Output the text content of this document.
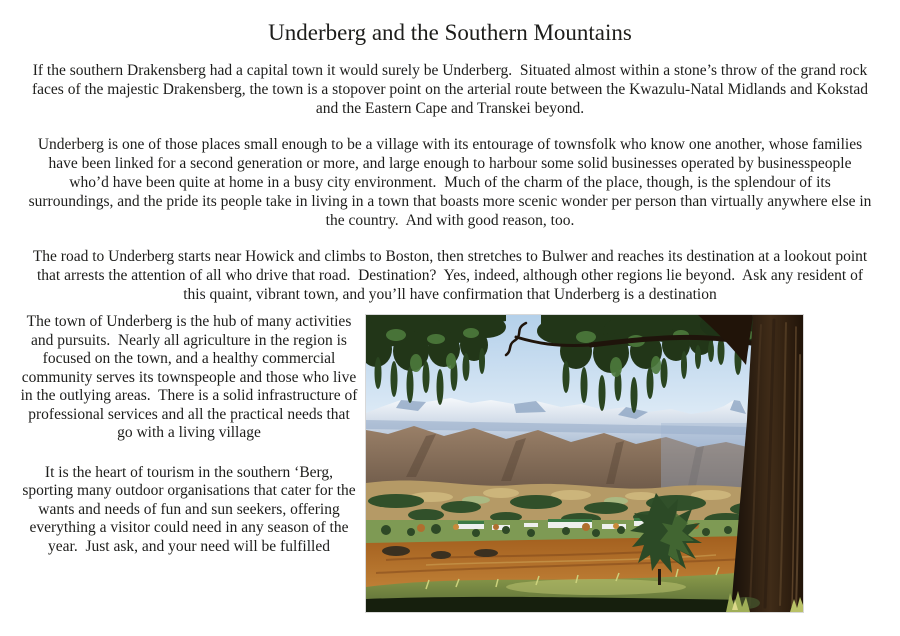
Underberg and the Southern Mountains

If the southern Drakensberg had a capital town it would surely be Underberg.  Situated almost within a stone’s throw of the grand rock faces of the majestic Drakensberg, the town is a stopover point on the arterial route between the Kwazulu-Natal Midlands and Kokstad and the Eastern Cape and Transkei beyond.

Underberg is one of those places small enough to be a village with its entourage of townsfolk who know one another, whose families have been linked for a second generation or more, and large enough to harbour some solid businesses operated by businesspeople who’d have been quite at home in a busy city environment.  Much of the charm of the place, though, is the splendour of its surroundings, and the pride its people take in living in a town that boasts more scenic wonder per person than virtually anywhere else in the country.  And with good reason, too.

The road to Underberg starts near Howick and climbs to Boston, then stretches to Bulwer and reaches its destination at a lookout point that arrests the attention of all who drive that road.  Destination?  Yes, indeed, although other regions lie beyond.  Ask any resident of this quaint, vibrant town, and you’ll have confirmation that Underberg is a destination

The town of Underberg is the hub of many activities and pursuits.  Nearly all agriculture in the region is focused on the town, and a healthy commercial community serves its townspeople and those who live in the outlying areas.  There is a solid infrastructure of professional services and all the practical needs that go with a living village

It is the heart of tourism in the southern ‘Berg, sporting many outdoor organisations that cater for the wants and needs of fun and sun seekers, offering everything a visitor could need in any season of the year.  Just ask, and your need will be fulfilled
